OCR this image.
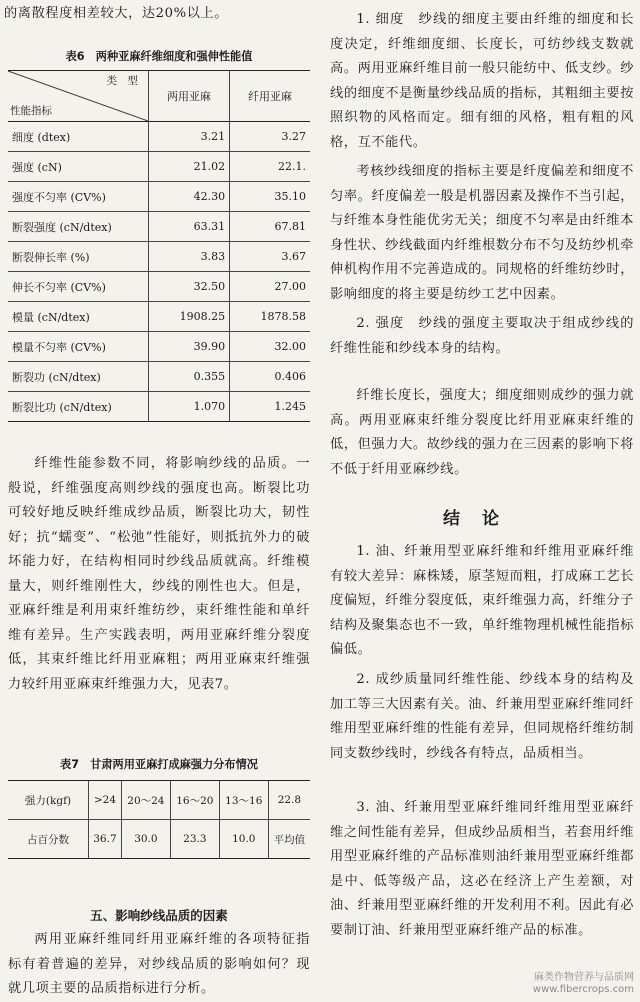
的离散程度相差较大，达20%以上。

表6　两种亚麻纤维细度和强伸性能值

类　型
性能指标	两用亚麻	纤用亚麻
细度 (dtex)	3.21	3.27
强度 (cN)	21.02	22.1.
强度不匀率 (CV%)	42.30	35.10
断裂强度 (cN/dtex)	63.31	67.81
断裂伸长率 (%)	3.83	3.67
伸长不匀率 (CV%)	32.50	27.00
模量 (cN/dtex)	1908.25	1878.58
模量不匀率 (CV%)	39.90	32.00
断裂功 (cN/dtex)	0.355	0.406
断裂比功 (cN/dtex)	1.070	1.245

纤维性能参数不同，将影响纱线的品质。一般说，纤维强度高则纱线的强度也高。断裂比功可较好地反映纤维成纱品质，断裂比功大，韧性好；抗“蠕变”、“松弛”性能好，则抵抗外力的破坏能力好，在结构相同时纱线品质就高。纤维模量大，则纤维刚性大，纱线的刚性也大。但是，亚麻纤维是利用束纤维纺纱，束纤维性能和单纤维有差异。生产实践表明，两用亚麻纤维分裂度低，其束纤维比纤用亚麻粗；两用亚麻束纤维强力较纤用亚麻束纤维强力大，见表7。

表7　甘肃两用亚麻打成麻强力分布情况

强力(kgf)	>24	20～24	16～20	13～16	22.8
占百分数	36.7	30.0	23.3	10.0	平均值

五、影响纱线品质的因素

两用亚麻纤维同纤用亚麻纤维的各项特征指标有着普遍的差异，对纱线品质的影响如何？现就几项主要的品质指标进行分析。

1. 细度　纱线的细度主要由纤维的细度和长度决定，纤维细度细、长度长，可纺纱线支数就高。两用亚麻纤维目前一般只能纺中、低支纱。纱线的细度不是衡量纱线品质的指标，其粗细主要按照织物的风格而定。细有细的风格，粗有粗的风格，互不能代。

考核纱线细度的指标主要是纤度偏差和细度不匀率。纤度偏差一般是机器因素及操作不当引起，与纤维本身性能优劣无关；细度不匀率是由纤维本身性状、纱线截面内纤维根数分布不匀及纺纱机牵伸机构作用不完善造成的。同规格的纤维纺纱时，影响细度的将主要是纺纱工艺中因素。

2. 强度　纱线的强度主要取决于组成纱线的纤维性能和纱线本身的结构。

纤维长度长，强度大；细度细则成纱的强力就高。两用亚麻束纤维分裂度比纤用亚麻束纤维的低，但强力大。故纱线的强力在三因素的影响下将不低于纤用亚麻纱线。

结论

1. 油、纤兼用型亚麻纤维和纤维用亚麻纤维有较大差异：麻株矮，原茎短而粗，打成麻工艺长度偏短，纤维分裂度低，束纤维强力高，纤维分子结构及聚集态也不一致，单纤维物理机械性能指标偏低。

2. 成纱质量同纤维性能、纱线本身的结构及加工等三大因素有关。油、纤兼用型亚麻纤维同纤维用型亚麻纤维的性能有差异，但同规格纤维纺制同支数纱线时，纱线各有特点，品质相当。

3. 油、纤兼用型亚麻纤维同纤维用型亚麻纤维之间性能有差异，但成纱品质相当，若套用纤维用型亚麻纤维的产品标准则油纤兼用型亚麻纤维都是中、低等级产品，这必在经济上产生差额，对油、纤兼用型亚麻纤维的开发利用不利。因此有必要制订油、纤兼用型亚麻纤维产品的标准。

麻类作物营养与品质网
www.fibercrops.com
